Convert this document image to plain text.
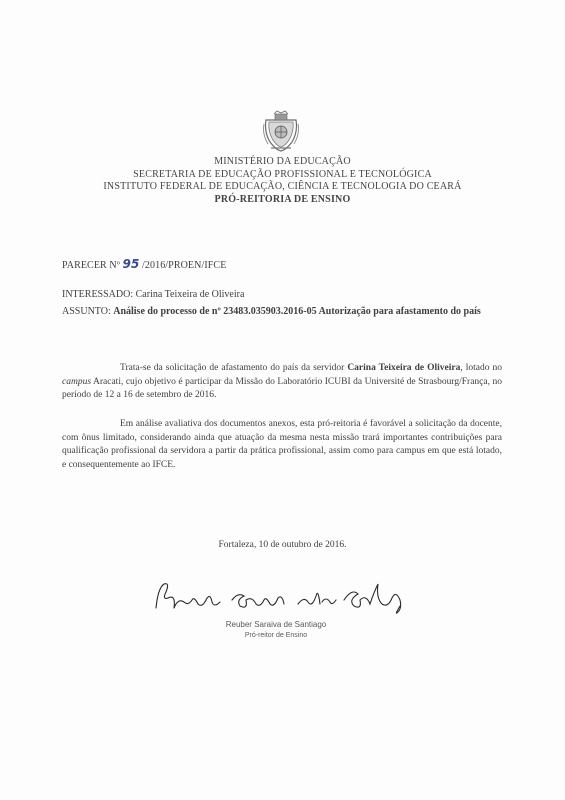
MINISTÉRIO DA EDUCAÇÃO
SECRETARIA DE EDUCAÇÃO PROFISSIONAL E TECNOLÓGICA
INSTITUTO FEDERAL DE EDUCAÇÃO, CIÊNCIA E TECNOLOGIA DO CEARÁ
PRÓ-REITORIA DE ENSINO
PARECER Nº 95 /2016/PROEN/IFCE
INTERESSADO: Carina Teixeira de Oliveira
ASSUNTO: Análise do processo de nº 23483.035903.2016-05 Autorização para afastamento do país
Trata-se da solicitação de afastamento do país da servidor Carina Teixeira de Oliveira, lotado no campus Aracati, cujo objetivo é participar da Missão do Laboratório ICUBI da Université de Strasbourg/França, no período de 12 a 16 de setembro de 2016.
Em análise avaliativa dos documentos anexos, esta pró-reitoria é favorável a solicitação da docente, com ônus limitado, considerando ainda que atuação da mesma nesta missão trará importantes contribuições para qualificação profissional da servidora a partir da prática profissional, assim como para campus em que está lotado, e consequentemente ao IFCE.
Fortaleza, 10 de outubro de 2016.
Reuber Saraiva de Santiago
Pró-reitor de Ensino
